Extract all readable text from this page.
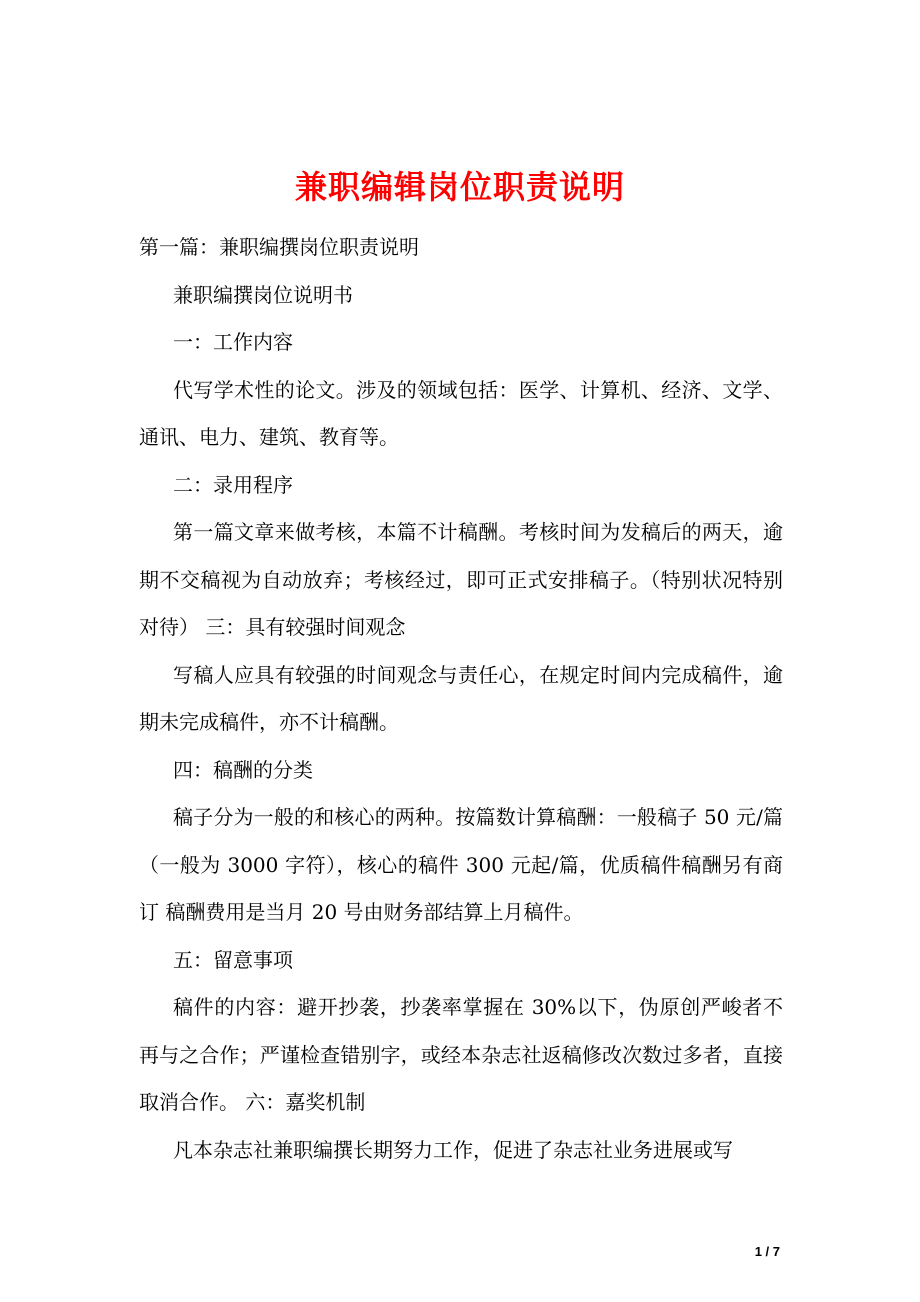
兼职编辑岗位职责说明

第一篇：兼职编撰岗位职责说明

兼职编撰岗位说明书

一：工作内容

代写学术性的论文。涉及的领域包括：医学、计算机、经济、文学、通讯、电力、建筑、教育等。

二：录用程序

第一篇文章来做考核，本篇不计稿酬。考核时间为发稿后的两天，逾期不交稿视为自动放弃；考核经过，即可正式安排稿子。（特别状况特别对待） 三：具有较强时间观念

写稿人应具有较强的时间观念与责任心，在规定时间内完成稿件，逾期未完成稿件，亦不计稿酬。

四：稿酬的分类

稿子分为一般的和核心的两种。按篇数计算稿酬：一般稿子 50 元/篇（一般为 3000 字符），核心的稿件 300 元起/篇，优质稿件稿酬另有商订 稿酬费用是当月 20 号由财务部结算上月稿件。

五：留意事项

稿件的内容：避开抄袭，抄袭率掌握在 30%以下，伪原创严峻者不再与之合作；严谨检查错别字，或经本杂志社返稿修改次数过多者，直接取消合作。 六：嘉奖机制

凡本杂志社兼职编撰长期努力工作，促进了杂志社业务进展或写

1 / 7
